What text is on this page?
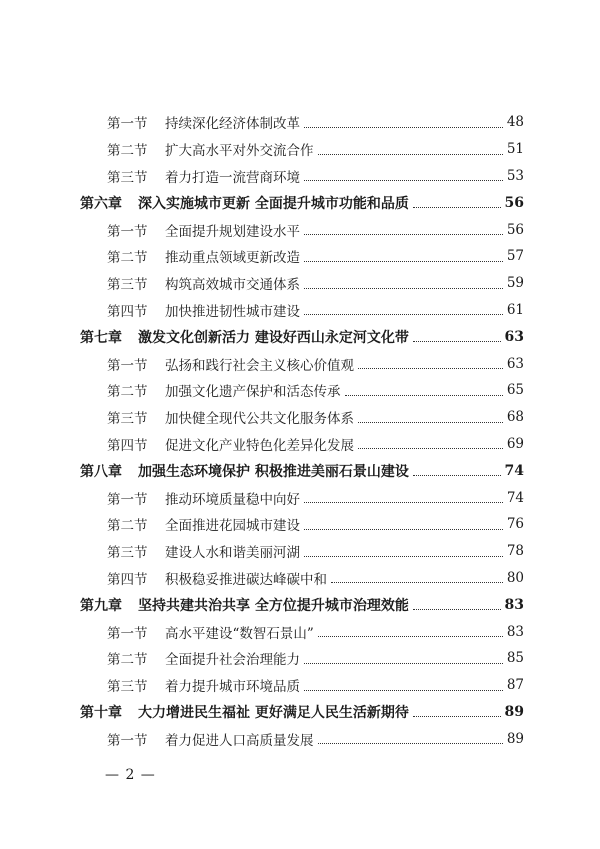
第一节	持续深化经济体制改革	48
第二节	扩大高水平对外交流合作	51
第三节	着力打造一流营商环境	53
第六章	深入实施城市更新 全面提升城市功能和品质	56
第一节	全面提升规划建设水平	56
第二节	推动重点领域更新改造	57
第三节	构筑高效城市交通体系	59
第四节	加快推进韧性城市建设	61
第七章	激发文化创新活力 建设好西山永定河文化带	63
第一节	弘扬和践行社会主义核心价值观	63
第二节	加强文化遗产保护和活态传承	65
第三节	加快健全现代公共文化服务体系	68
第四节	促进文化产业特色化差异化发展	69
第八章	加强生态环境保护 积极推进美丽石景山建设	74
第一节	推动环境质量稳中向好	74
第二节	全面推进花园城市建设	76
第三节	建设人水和谐美丽河湖	78
第四节	积极稳妥推进碳达峰碳中和	80
第九章	坚持共建共治共享 全方位提升城市治理效能	83
第一节	高水平建设“数智石景山”	83
第二节	全面提升社会治理能力	85
第三节	着力提升城市环境品质	87
第十章	大力增进民生福祉 更好满足人民生活新期待	89
第一节	着力促进人口高质量发展	89
— 2 —
